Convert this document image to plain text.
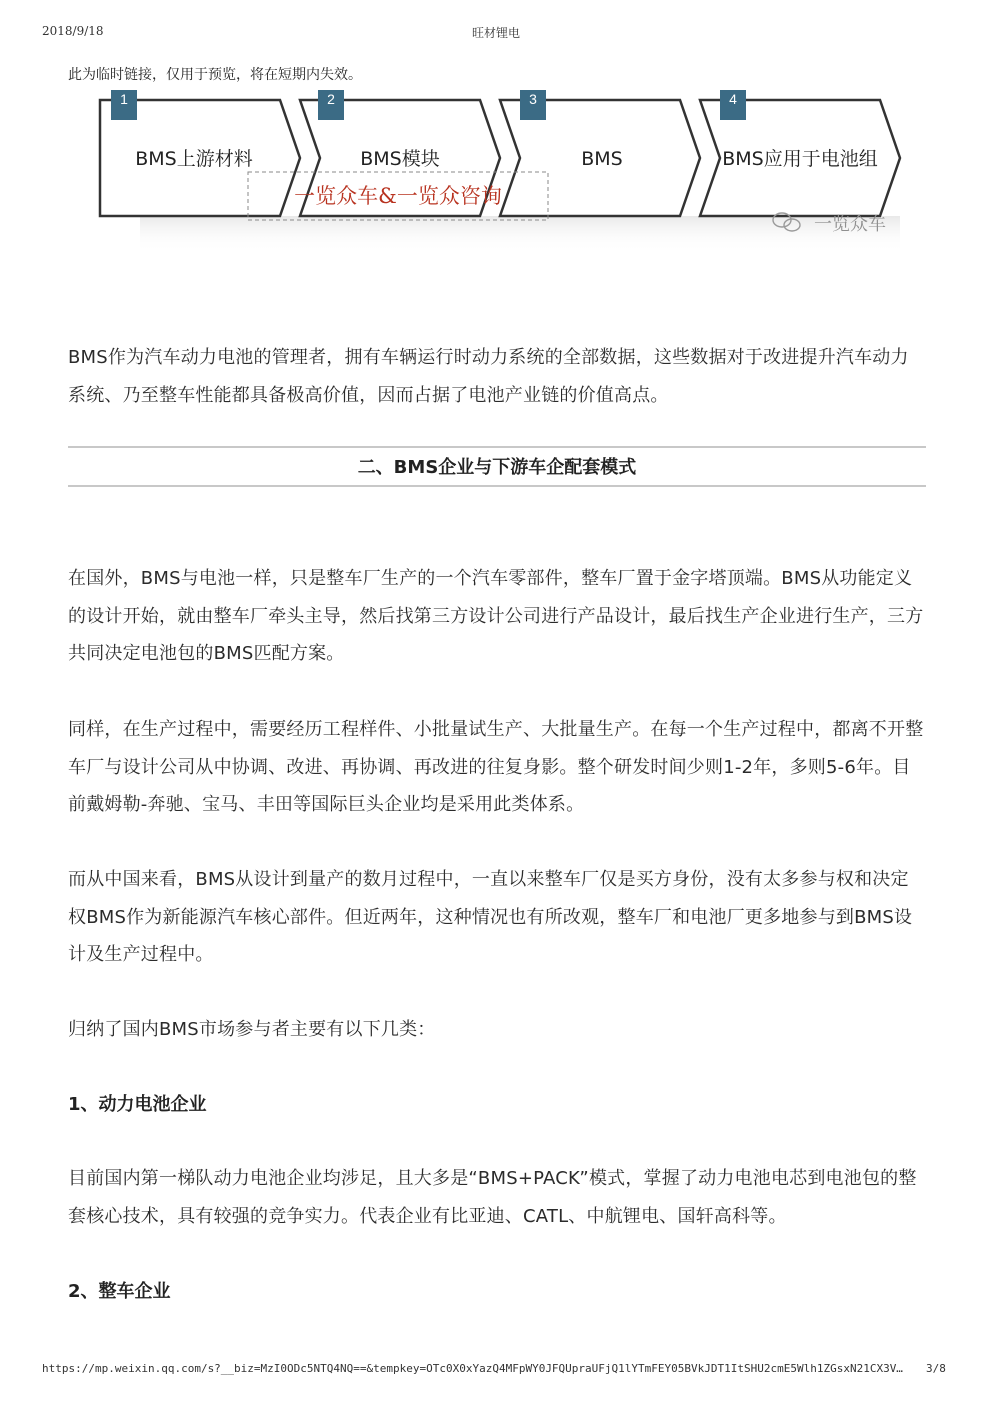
2018/9/18	旺材锂电
此为临时链接，仅用于预览，将在短期内失效。
1	2	3	4
BMS上游材料	BMS模块	BMS	BMS应用于电池组
一览众车&一览众咨询
一览众车
BMS作为汽车动力电池的管理者，拥有车辆运行时动力系统的全部数据，这些数据对于改进提升汽车动力系统、乃至整车性能都具备极高价值，因而占据了电池产业链的价值高点。
二、BMS企业与下游车企配套模式
在国外，BMS与电池一样，只是整车厂生产的一个汽车零部件，整车厂置于金字塔顶端。BMS从功能定义的设计开始，就由整车厂牵头主导，然后找第三方设计公司进行产品设计，最后找生产企业进行生产，三方共同决定电池包的BMS匹配方案。
同样，在生产过程中，需要经历工程样件、小批量试生产、大批量生产。在每一个生产过程中，都离不开整车厂与设计公司从中协调、改进、再协调、再改进的往复身影。整个研发时间少则1-2年，多则5-6年。目前戴姆勒-奔驰、宝马、丰田等国际巨头企业均是采用此类体系。
而从中国来看，BMS从设计到量产的数月过程中，一直以来整车厂仅是买方身份，没有太多参与权和决定权BMS作为新能源汽车核心部件。但近两年，这种情况也有所改观，整车厂和电池厂更多地参与到BMS设计及生产过程中。
归纳了国内BMS市场参与者主要有以下几类：
1、动力电池企业
目前国内第一梯队动力电池企业均涉足，且大多是“BMS+PACK”模式，掌握了动力电池电芯到电池包的整套核心技术，具有较强的竞争实力。代表企业有比亚迪、CATL、中航锂电、国轩高科等。
2、整车企业
https://mp.weixin.qq.com/s?__biz=MzI0ODc5NTQ4NQ==&tempkey=OTc0X0xYazQ4MFpWY0JFQUpraUFjQ1lYTmFEY05BVkJDT1ItSHU2cmE5Wlh1ZGsxN21CX3V…	3/8
